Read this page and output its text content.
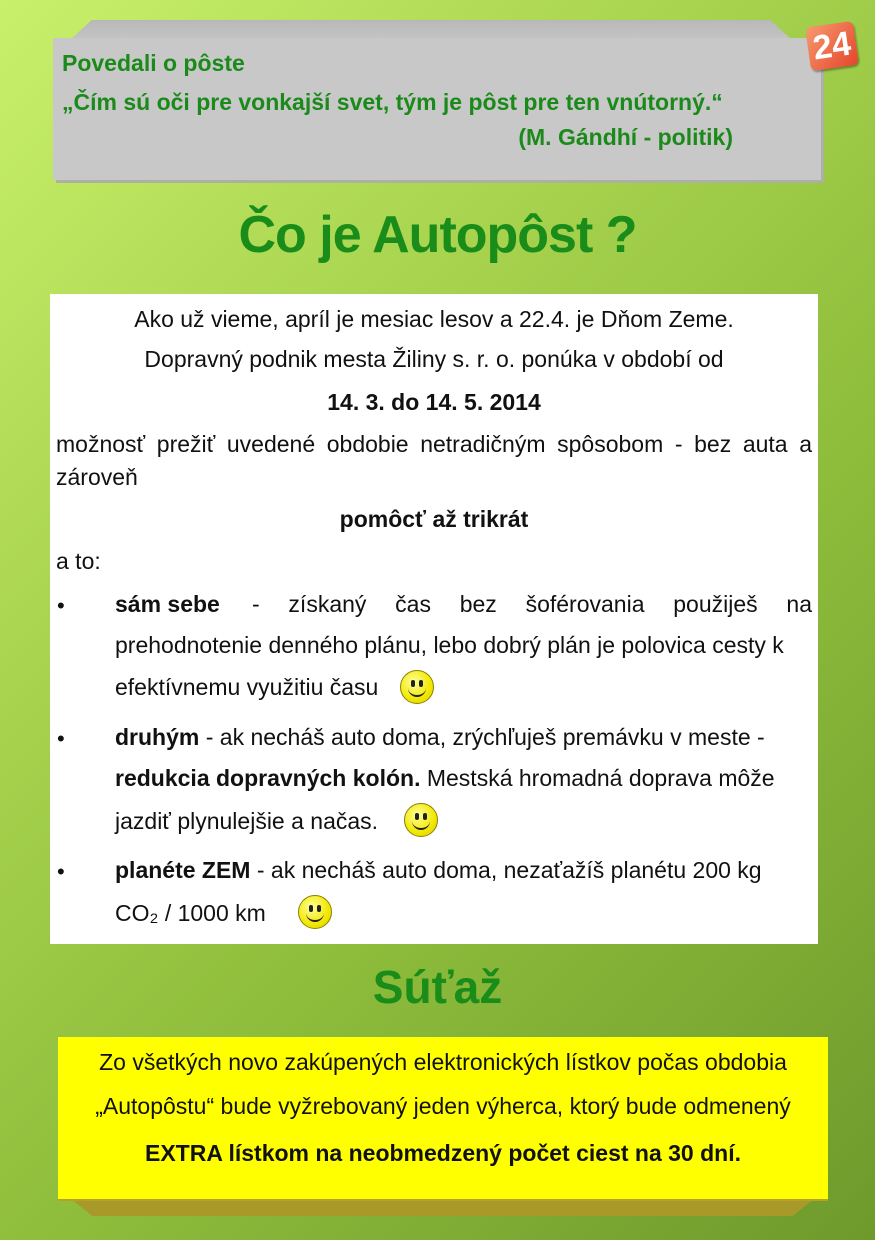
Povedali o pôste
„Čím sú oči pre vonkajší svet, tým je pôst pre ten vnútorný.“
(M. Gándhí - politik)
24
Čo je Autopôst ?
Ako už vieme, apríl je mesiac lesov a 22.4. je Dňom Zeme.
Dopravný podnik mesta Žiliny s. r. o. ponúka v období od
14. 3. do 14. 5. 2014
možnosť prežiť uvedené obdobie netradičným spôsobom - bez auta a
zároveň
pomôcť až trikrát
a to:
• sám sebe - získaný čas bez šoférovania použiješ na
prehodnotenie denného plánu, lebo dobrý plán je polovica cesty k
efektívnemu využitiu času
• druhým - ak necháš auto doma, zrýchľuješ premávku v meste -
redukcia dopravných kolón. Mestská hromadná doprava môže
jazdiť plynulejšie a načas.
• planéte ZEM - ak necháš auto doma, nezaťažíš planétu 200 kg
CO₂ / 1000 km
Súťaž
Zo všetkých novo zakúpených elektronických lístkov počas obdobia
„Autopôstu“ bude vyžrebovaný jeden výherca, ktorý bude odmenený
EXTRA lístkom na neobmedzený počet ciest na 30 dní.
